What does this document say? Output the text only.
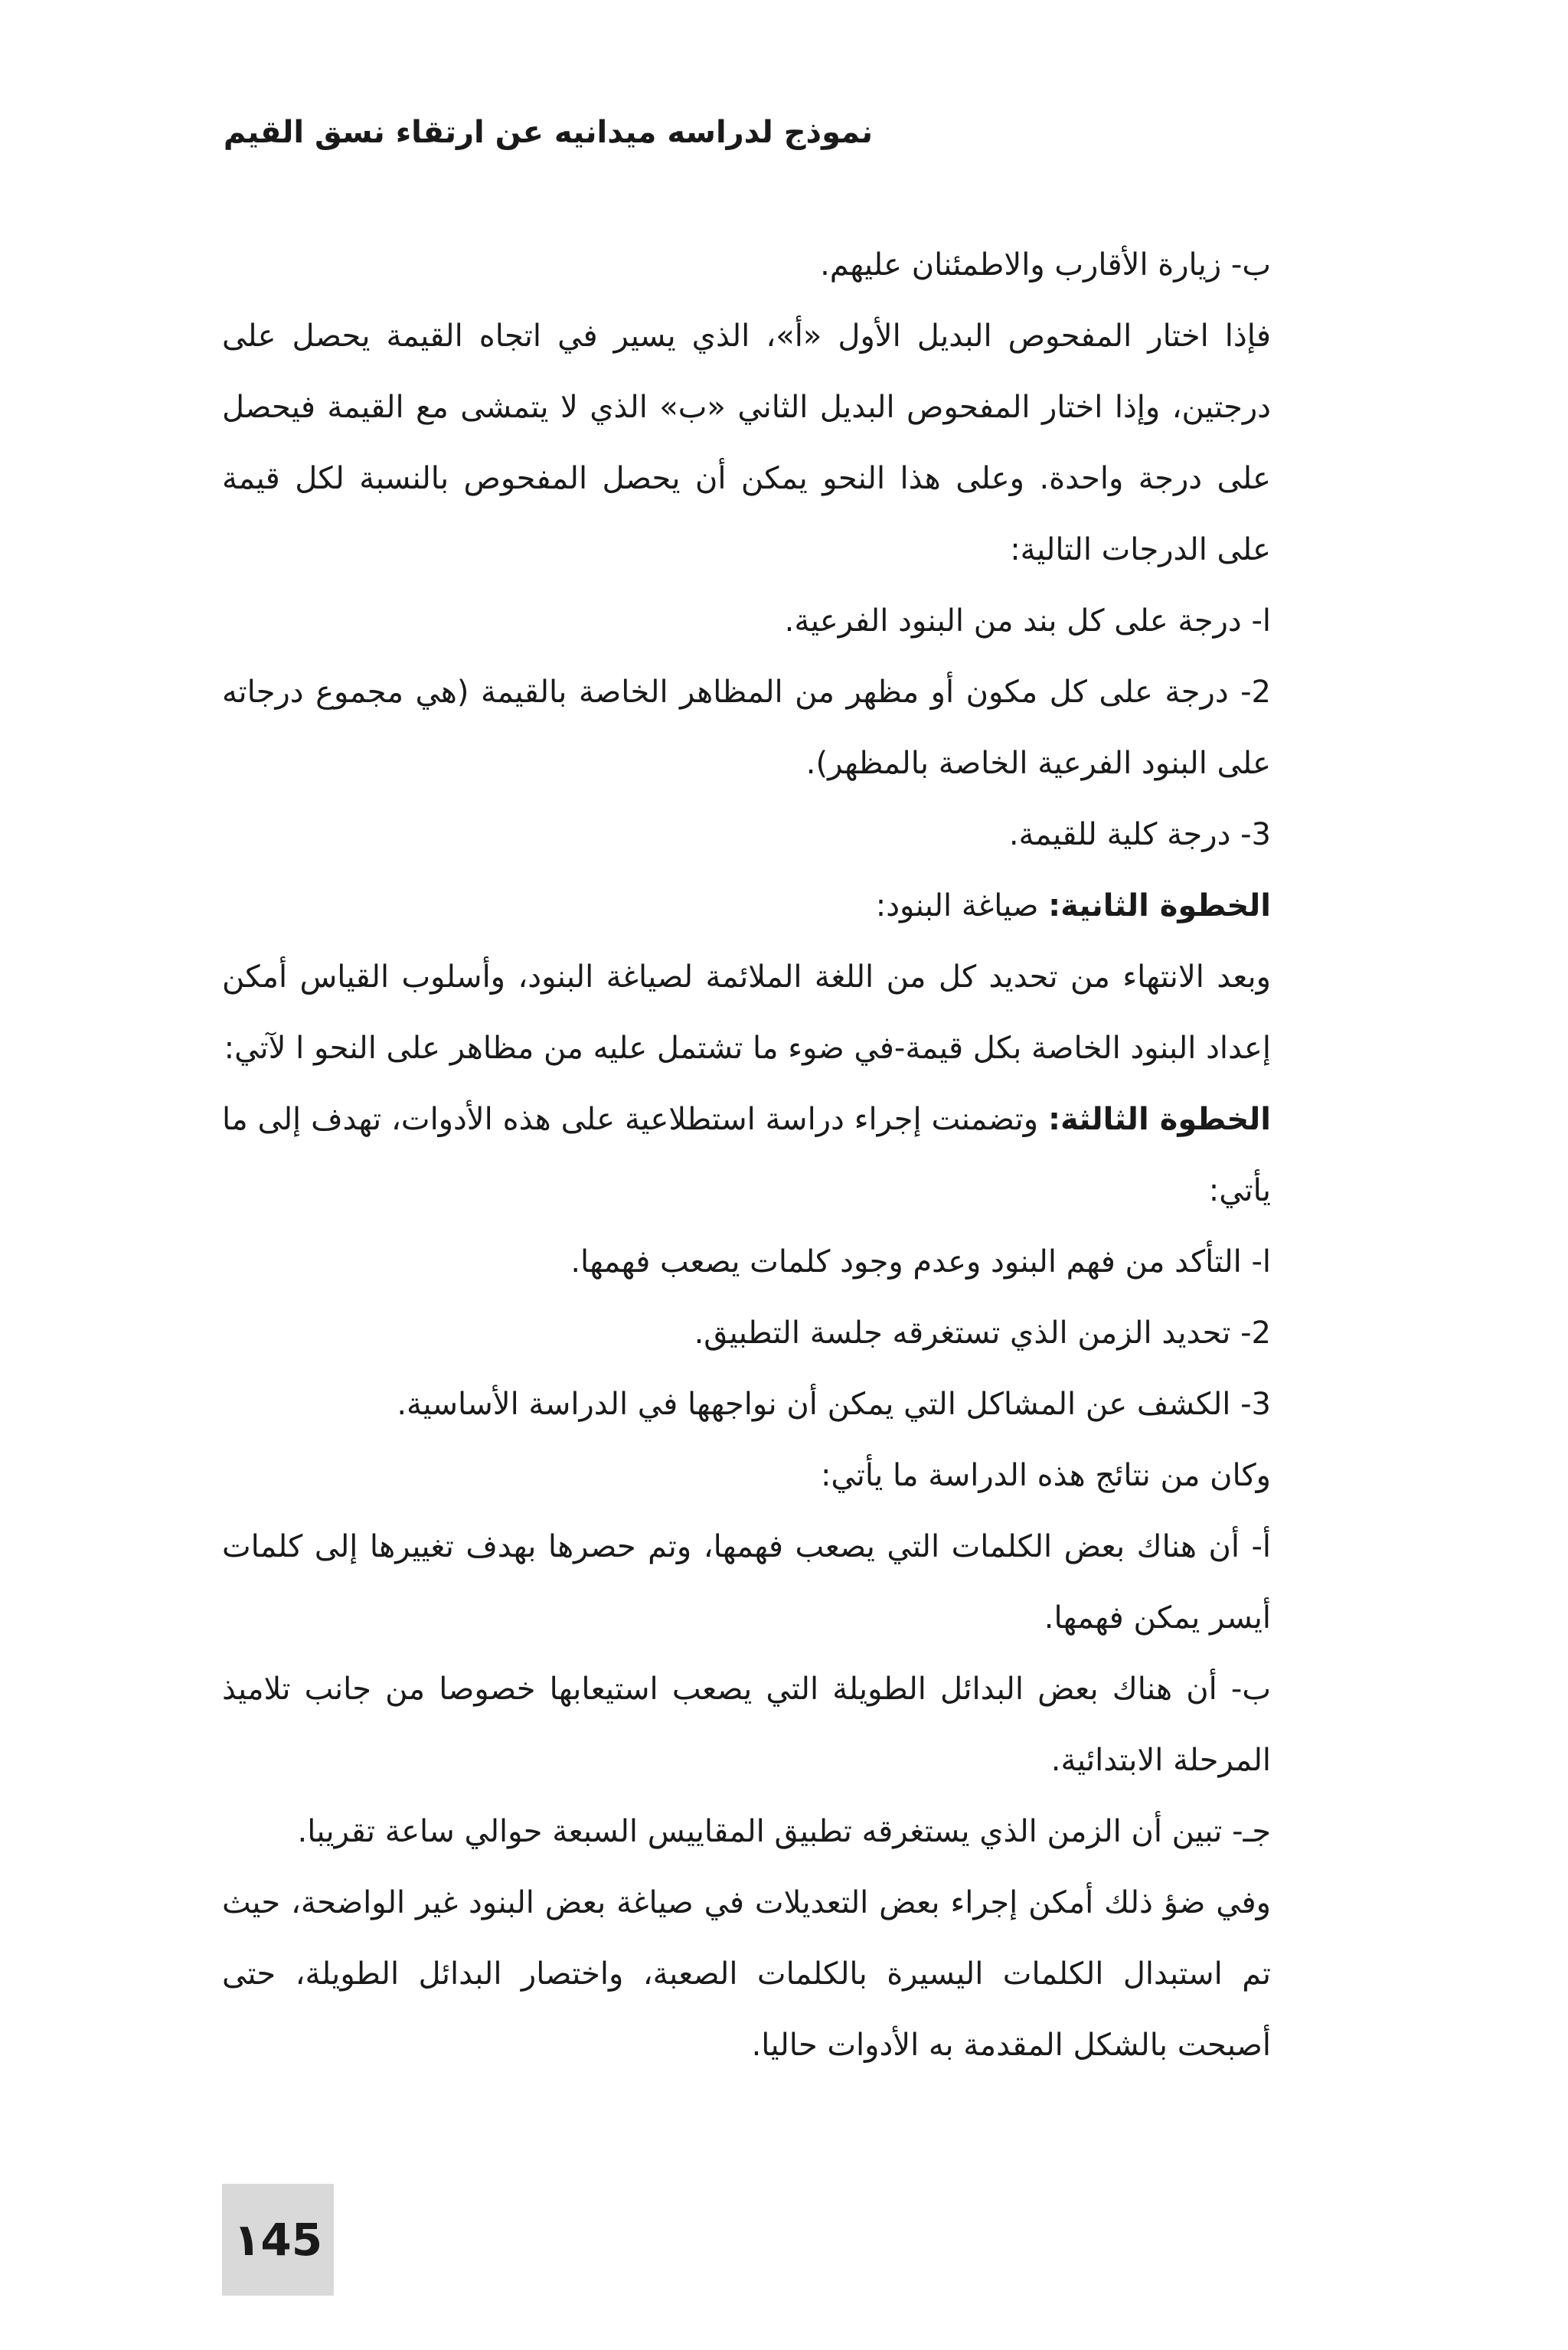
نموذج لدراسه ميدانيه عن ارتقاء نسق القيم

ب- زيارة الأقارب والاطمئنان عليهم.

فإذا اختار المفحوص البديل الأول «أ»، الذي يسير في اتجاه القيمة يحصل على درجتين، وإذا اختار المفحوص البديل الثاني «ب» الذي لا يتمشى مع القيمة فيحصل على درجة واحدة. وعلى هذا النحو يمكن أن يحصل المفحوص بالنسبة لكل قيمة على الدرجات التالية:

ا- درجة على كل بند من البنود الفرعية.

2- درجة على كل مكون أو مظهر من المظاهر الخاصة بالقيمة (هي مجموع درجاته على البنود الفرعية الخاصة بالمظهر).

3- درجة كلية للقيمة.

الخطوة الثانية: صياغة البنود:

وبعد الانتهاء من تحديد كل من اللغة الملائمة لصياغة البنود، وأسلوب القياس أمكن إعداد البنود الخاصة بكل قيمة-في ضوء ما تشتمل عليه من مظاهر على النحو ا لآتي:

الخطوة الثالثة: وتضمنت إجراء دراسة استطلاعية على هذه الأدوات، تهدف إلى ما يأتي:

ا- التأكد من فهم البنود وعدم وجود كلمات يصعب فهمها.

2- تحديد الزمن الذي تستغرقه جلسة التطبيق.

3- الكشف عن المشاكل التي يمكن أن نواجهها في الدراسة الأساسية.

وكان من نتائج هذه الدراسة ما يأتي:

أ- أن هناك بعض الكلمات التي يصعب فهمها، وتم حصرها بهدف تغييرها إلى كلمات أيسر يمكن فهمها.

ب- أن هناك بعض البدائل الطويلة التي يصعب استيعابها خصوصا من جانب تلاميذ المرحلة الابتدائية.

جـ- تبين أن الزمن الذي يستغرقه تطبيق المقاييس السبعة حوالي ساعة تقريبا.

وفي ضؤ ذلك أمكن إجراء بعض التعديلات في صياغة بعض البنود غير الواضحة، حيث تم استبدال الكلمات اليسيرة بالكلمات الصعبة، واختصار البدائل الطويلة، حتى أصبحت بالشكل المقدمة به الأدوات حاليا.

١45
